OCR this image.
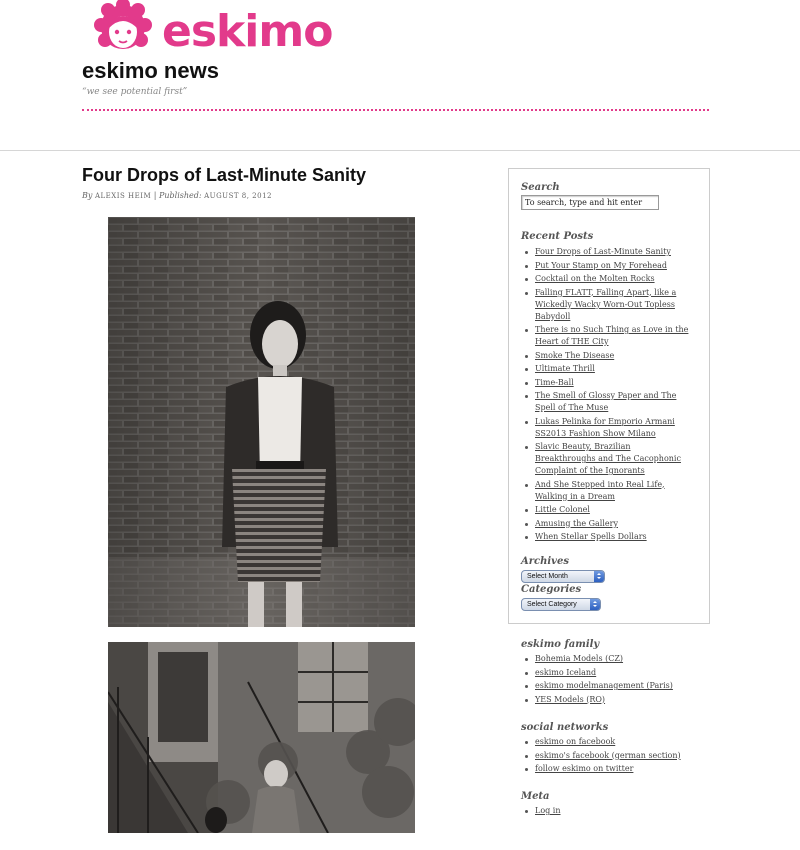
eskimo
eskimo news

“we see potential first”

Four Drops of Last-Minute Sanity
By ALEXIS HEIM | Published: AUGUST 8, 2012
Search
To search, type and hit enter
Recent Posts
Four Drops of Last-Minute Sanity
Put Your Stamp on My Forehead
Cocktail on the Molten Rocks
Falling FLATT, Falling Apart, like a Wickedly Wacky Worn-Out Topless Babydoll
There is no Such Thing as Love in the Heart of THE City
Smoke The Disease
Ultimate Thrill
Time-Ball
The Smell of Glossy Paper and The Spell of The Muse
Lukas Pelinka for Emporio Armani SS2013 Fashion Show Milano
Slavic Beauty, Brazilian Breakthroughs and The Cacophonic Complaint of the Ignorants
And She Stepped into Real Life, Walking in a Dream
Little Colonel
Amusing the Gallery
When Stellar Spells Dollars
Archives
Select Month
Categories
Select Category
eskimo family
Bohemia Models (CZ)
eskimo Iceland
eskimo modelmanagement (Paris)
YES Models (RO)
social networks
eskimo on facebook
eskimo's facebook (german section)
follow eskimo on twitter
Meta
Log in
